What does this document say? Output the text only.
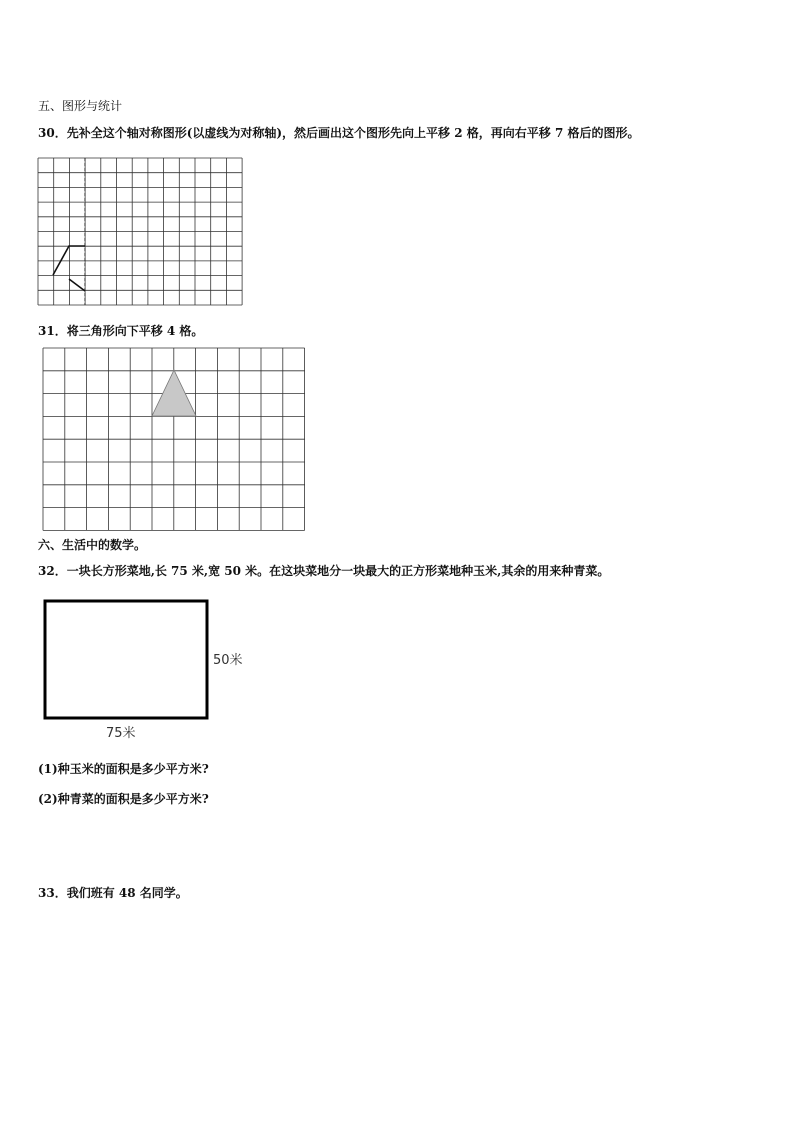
五、图形与统计
30．先补全这个轴对称图形(以虚线为对称轴)，然后画出这个图形先向上平移 2 格，再向右平移 7 格后的图形。
31．将三角形向下平移 4 格。
六、生活中的数学。
32．一块长方形菜地,长 75 米,宽 50 米。在这块菜地分一块最大的正方形菜地种玉米,其余的用来种青菜。
50米
75米
(1)种玉米的面积是多少平方米?
(2)种青菜的面积是多少平方米?
33．我们班有 48 名同学。
